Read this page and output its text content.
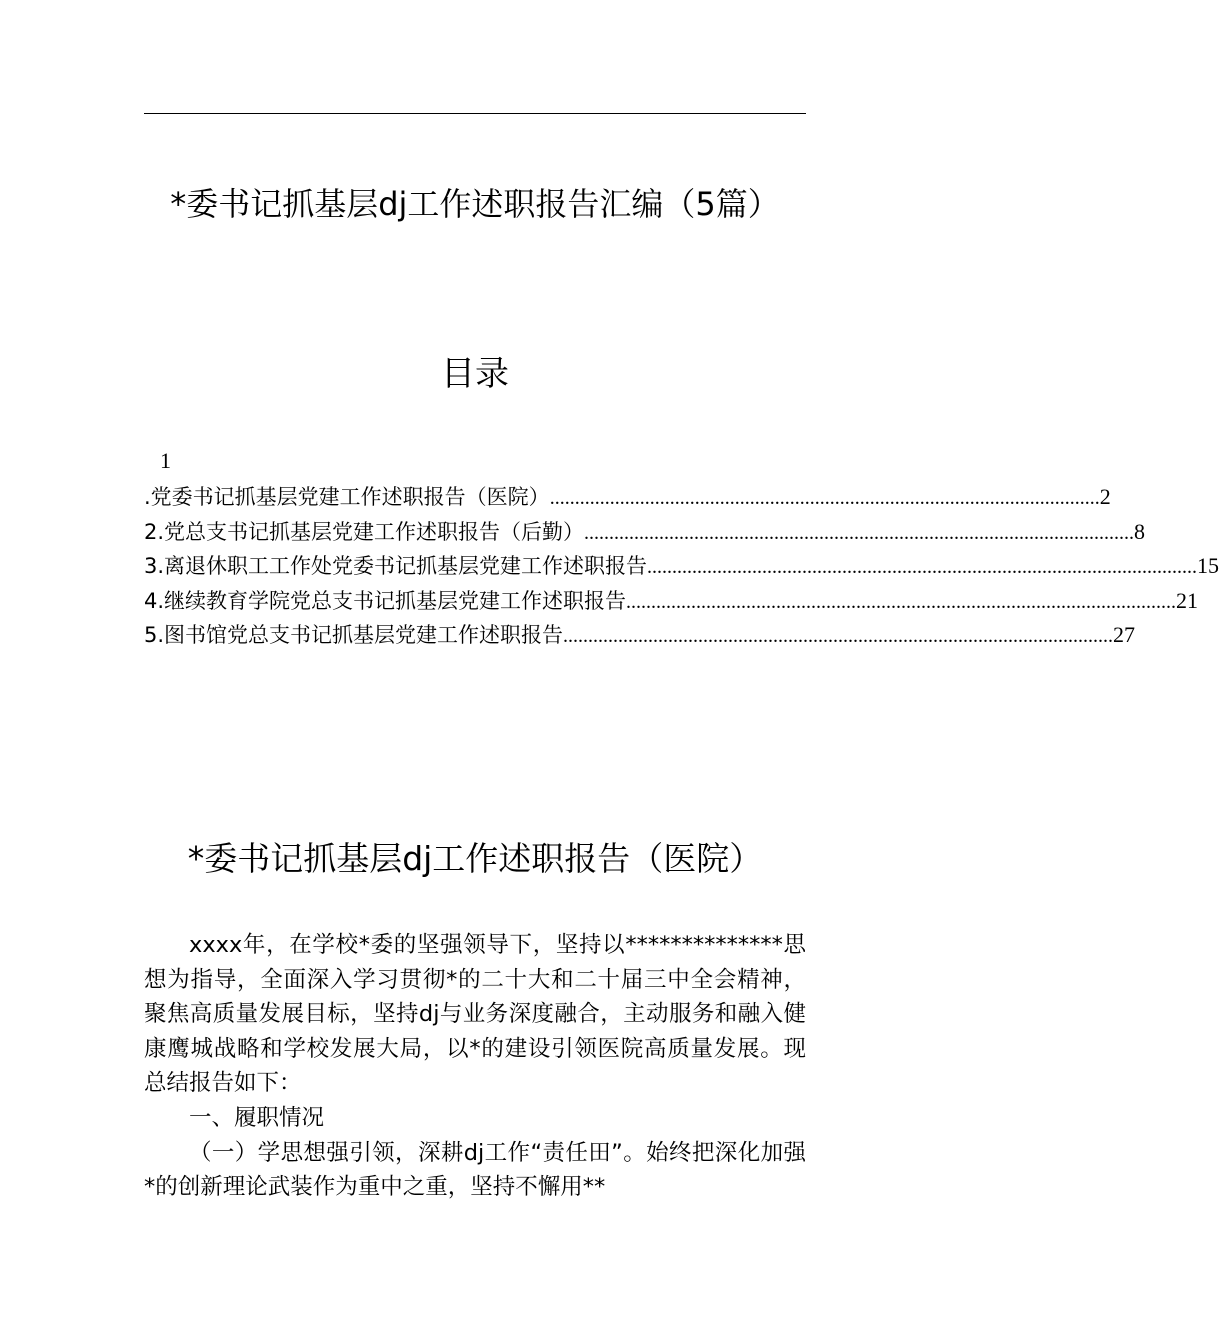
*委书记抓基层dj工作述职报告汇编（5篇）
目录
1
.党委书记抓基层党建工作述职报告（医院） .....	2
2.党总支书记抓基层党建工作述职报告（后勤） .....	8
3.离退休职工工作处党委书记抓基层党建工作述职报告 .....	15
4.继续教育学院党总支书记抓基层党建工作述职报告 .....	21
5.图书馆党总支书记抓基层党建工作述职报告 .....	27
*委书记抓基层dj工作述职报告（医院）

xxxx年，在学校*委的坚强领导下，坚持以**************思想为指导，全面深入学习贯彻*的二十大和二十届三中全会精神，聚焦高质量发展目标，坚持dj与业务深度融合，主动服务和融入健康鹰城战略和学校发展大局，以*的建设引领医院高质量发展。现总结报告如下：

一、履职情况

（一）学思想强引领，深耕dj工作“责任田”。始终把深化加强*的创新理论武装作为重中之重，坚持不懈用**
